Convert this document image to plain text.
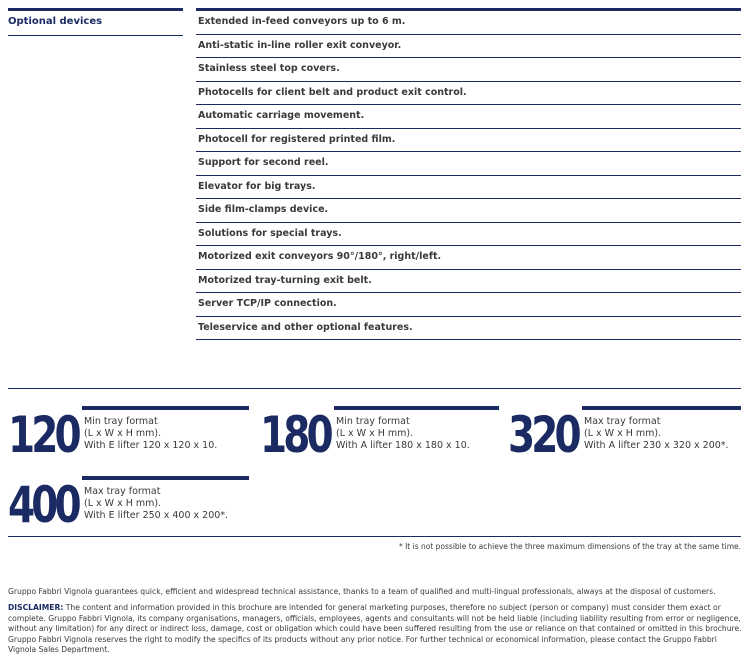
Optional devices	Extended in-feed conveyors up to 6 m.
Anti-static in-line roller exit conveyor.
Stainless steel top covers.
Photocells for client belt and product exit control.
Automatic carriage movement.
Photocell for registered printed film.
Support for second reel.
Elevator for big trays.
Side film-clamps device.
Solutions for special trays.
Motorized exit conveyors 90°/180°, right/left.
Motorized tray-turning exit belt.
Server TCP/IP connection.
Teleservice and other optional features.
120 Min tray format
(L x W x H mm).
With E lifter 120 x 120 x 10. 180 Min tray format
(L x W x H mm).
With A lifter 180 x 180 x 10. 320 Max tray format
(L x W x H mm).
With A lifter 230 x 320 x 200*.
400 Max tray format
(L x W x H mm).
With E lifter 250 x 400 x 200*.
* It is not possible to achieve the three maximum dimensions of the tray at the same time.
Gruppo Fabbri Vignola guarantees quick, efficient and widespread technical assistance, thanks to a team of qualified and multi-lingual professionals, always at the disposal of customers.
DISCLAIMER: The content and information provided in this brochure are intended for general marketing purposes, therefore no subject (person or company) must consider them exact or complete. Gruppo Fabbri Vignola, its company organisations, managers, officials, employees, agents and consultants will not be held liable (including liability resulting from error or negligence, without any limitation) for any direct or indirect loss, damage, cost or obligation which could have been suffered resulting from the use or reliance on that contained or omitted in this brochure. Gruppo Fabbri Vignola reserves the right to modify the specifics of its products without any prior notice. For further technical or economical information, please contact the Gruppo Fabbri Vignola Sales Department.
